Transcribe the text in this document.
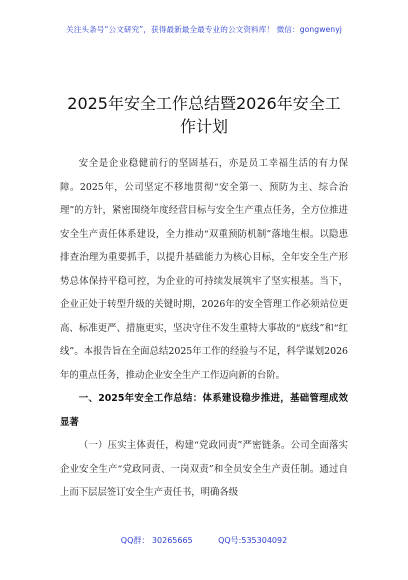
关注头条号“公文研究”，获得最新最全最专业的公文资料库！ 微信：gongwenyj
2025年安全工作总结暨2026年安全工作计划

安全是企业稳健前行的坚固基石，亦是员工幸福生活的有力保障。2025年，公司坚定不移地贯彻“安全第一、预防为主、综合治理”的方针，紧密围绕年度经营目标与安全生产重点任务，全方位推进安全生产责任体系建设，全力推动“双重预防机制”落地生根。以隐患排查治理为重要抓手，以提升基础能力为核心目标，全年安全生产形势总体保持平稳可控，为企业的可持续发展筑牢了坚实根基。当下，企业正处于转型升级的关键时期，2026年的安全管理工作必须站位更高、标准更严、措施更实，坚决守住不发生重特大事故的“底线”和“红线”。本报告旨在全面总结2025年工作的经验与不足，科学谋划2026年的重点任务，推动企业安全生产工作迈向新的台阶。

一、2025年安全工作总结：体系建设稳步推进，基础管理成效显著

（一）压实主体责任，构建“党政同责”严密链条。公司全面落实企业安全生产“党政同责、一岗双责”和全员安全生产责任制。通过自上而下层层签订安全生产责任书，明确各级

QQ群： 30265665          QQ号:535304092
